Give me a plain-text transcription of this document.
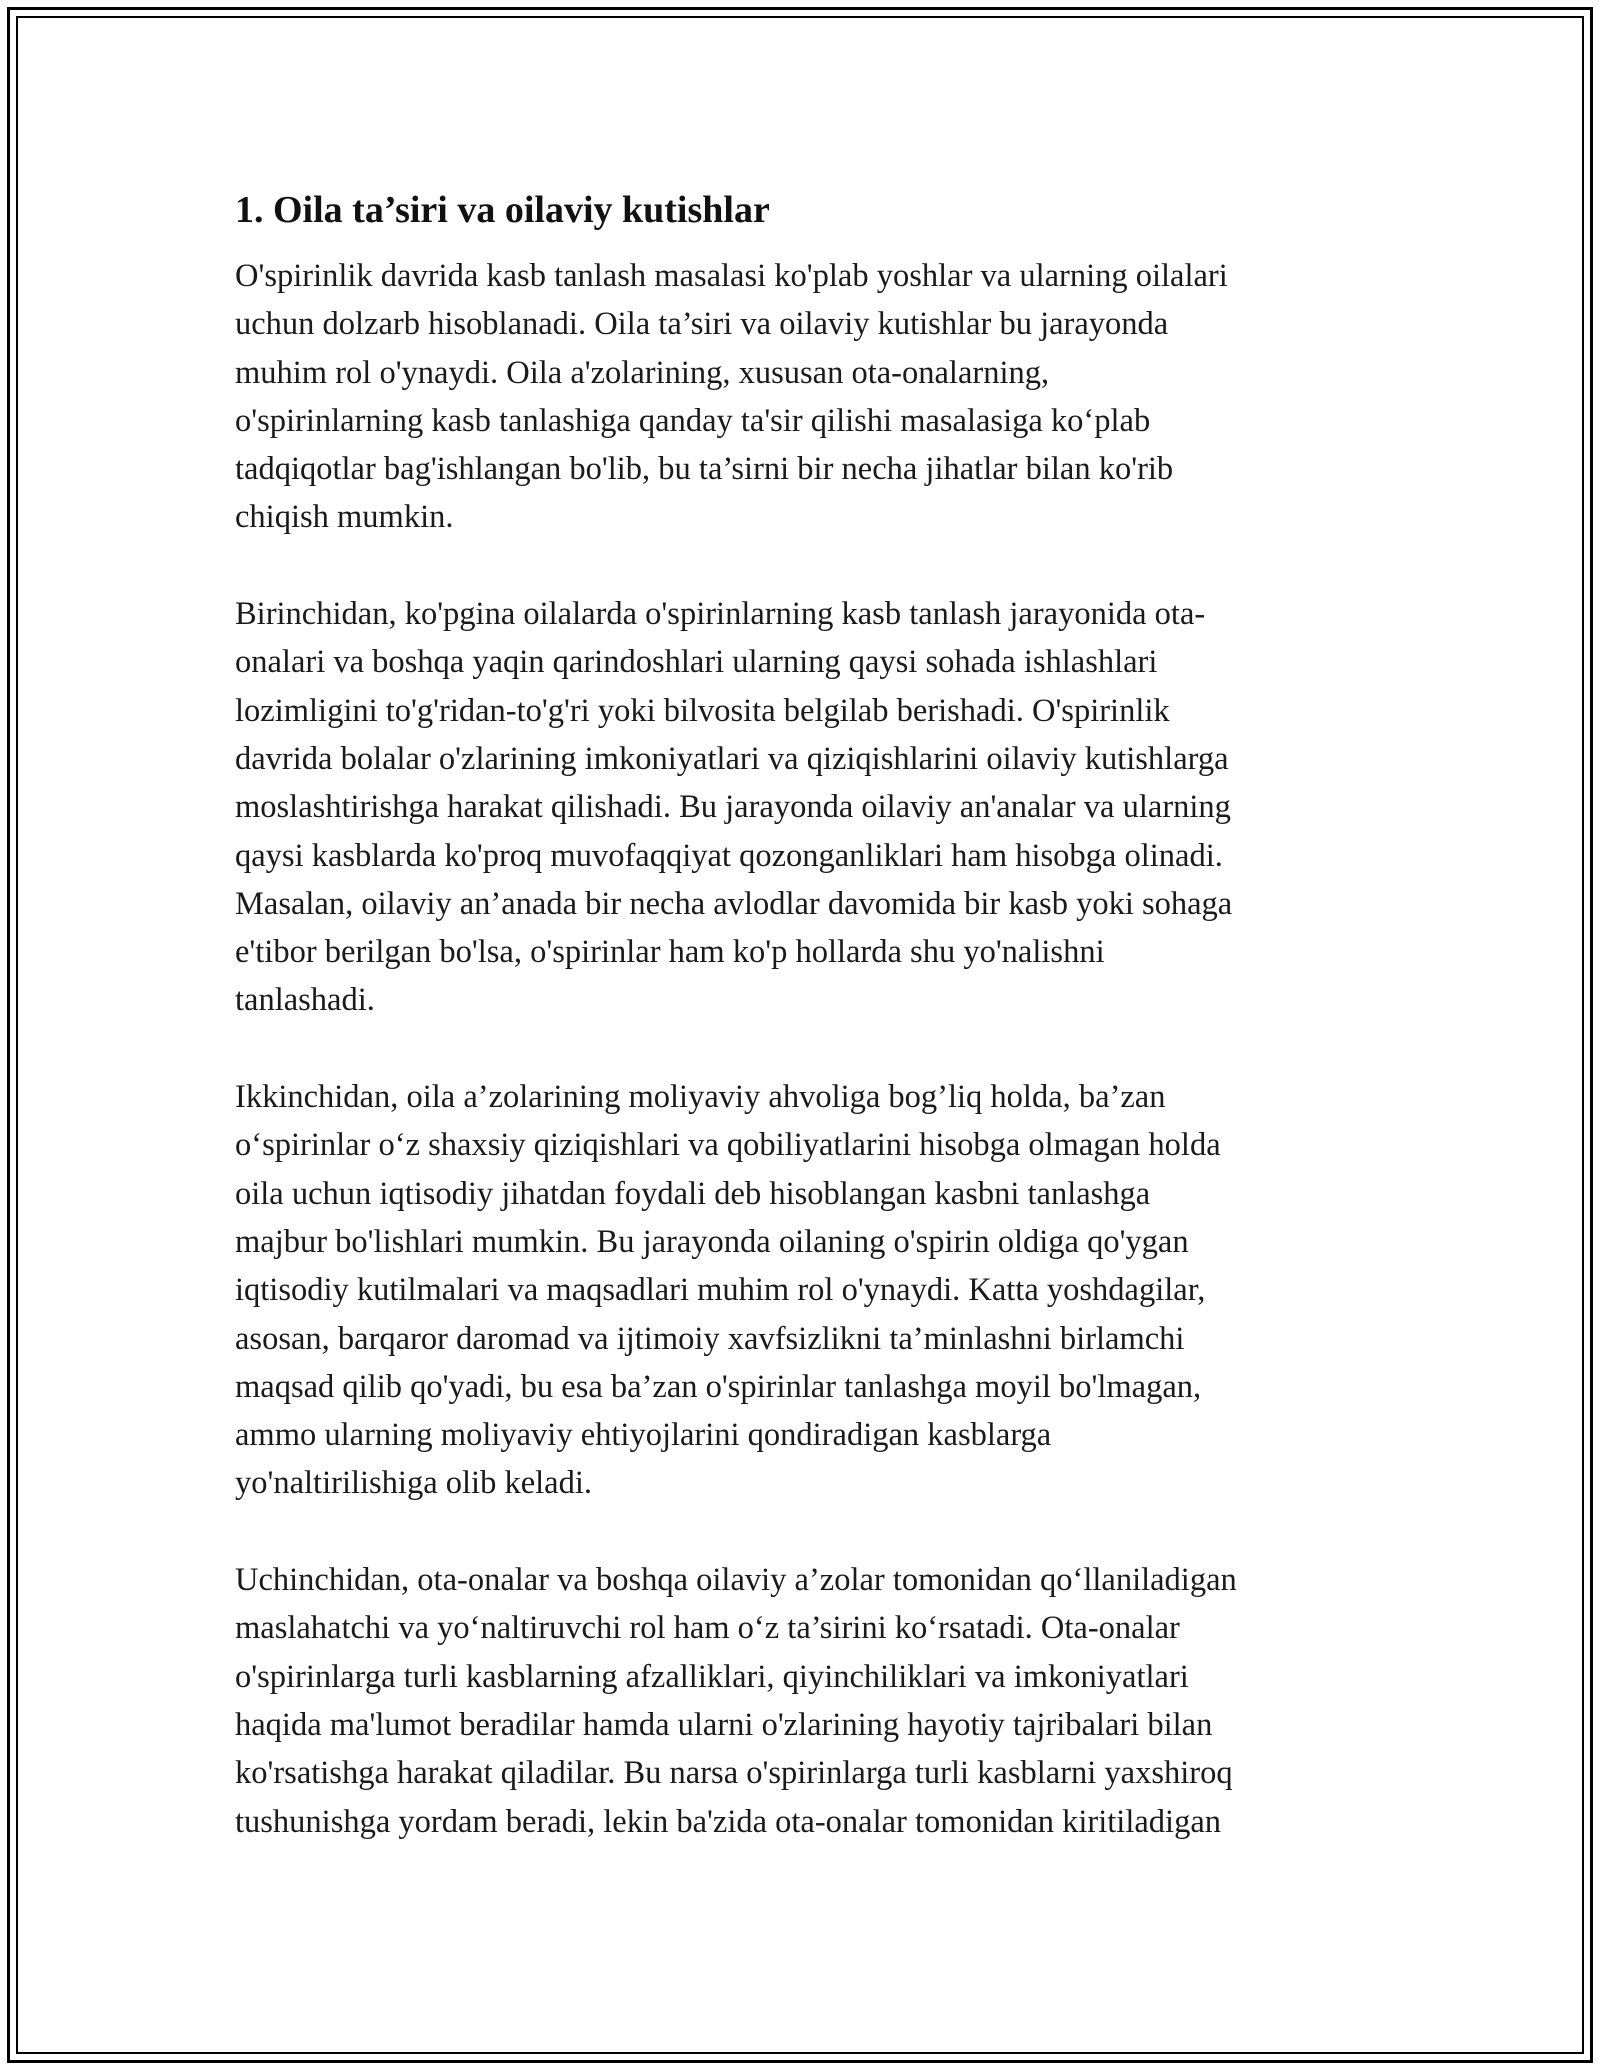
1. Oila ta’siri va oilaviy kutishlar
O'spirinlik davrida kasb tanlash masalasi ko'plab yoshlar va ularning oilalari
uchun dolzarb hisoblanadi. Oila ta’siri va oilaviy kutishlar bu jarayonda
muhim rol o'ynaydi. Oila a'zolarining, xususan ota-onalarning,
o'spirinlarning kasb tanlashiga qanday ta'sir qilishi masalasiga ko‘plab
tadqiqotlar bag'ishlangan bo'lib, bu ta’sirni bir necha jihatlar bilan ko'rib
chiqish mumkin.
Birinchidan, ko'pgina oilalarda o'spirinlarning kasb tanlash jarayonida ota-
onalari va boshqa yaqin qarindoshlari ularning qaysi sohada ishlashlari
lozimligini to'g'ridan-to'g'ri yoki bilvosita belgilab berishadi. O'spirinlik
davrida bolalar o'zlarining imkoniyatlari va qiziqishlarini oilaviy kutishlarga
moslashtirishga harakat qilishadi. Bu jarayonda oilaviy an'analar va ularning
qaysi kasblarda ko'proq muvofaqqiyat qozonganliklari ham hisobga olinadi.
Masalan, oilaviy an’anada bir necha avlodlar davomida bir kasb yoki sohaga
e'tibor berilgan bo'lsa, o'spirinlar ham ko'p hollarda shu yo'nalishni
tanlashadi.
Ikkinchidan, oila a’zolarining moliyaviy ahvoliga bog’liq holda, ba’zan
o‘spirinlar o‘z shaxsiy qiziqishlari va qobiliyatlarini hisobga olmagan holda
oila uchun iqtisodiy jihatdan foydali deb hisoblangan kasbni tanlashga
majbur bo'lishlari mumkin. Bu jarayonda oilaning o'spirin oldiga qo'ygan
iqtisodiy kutilmalari va maqsadlari muhim rol o'ynaydi. Katta yoshdagilar,
asosan, barqaror daromad va ijtimoiy xavfsizlikni ta’minlashni birlamchi
maqsad qilib qo'yadi, bu esa ba’zan o'spirinlar tanlashga moyil bo'lmagan,
ammo ularning moliyaviy ehtiyojlarini qondiradigan kasblarga
yo'naltirilishiga olib keladi.
Uchinchidan, ota-onalar va boshqa oilaviy a’zolar tomonidan qo‘llaniladigan
maslahatchi va yo‘naltiruvchi rol ham o‘z ta’sirini ko‘rsatadi. Ota-onalar
o'spirinlarga turli kasblarning afzalliklari, qiyinchiliklari va imkoniyatlari
haqida ma'lumot beradilar hamda ularni o'zlarining hayotiy tajribalari bilan
ko'rsatishga harakat qiladilar. Bu narsa o'spirinlarga turli kasblarni yaxshiroq
tushunishga yordam beradi, lekin ba'zida ota-onalar tomonidan kiritiladigan
